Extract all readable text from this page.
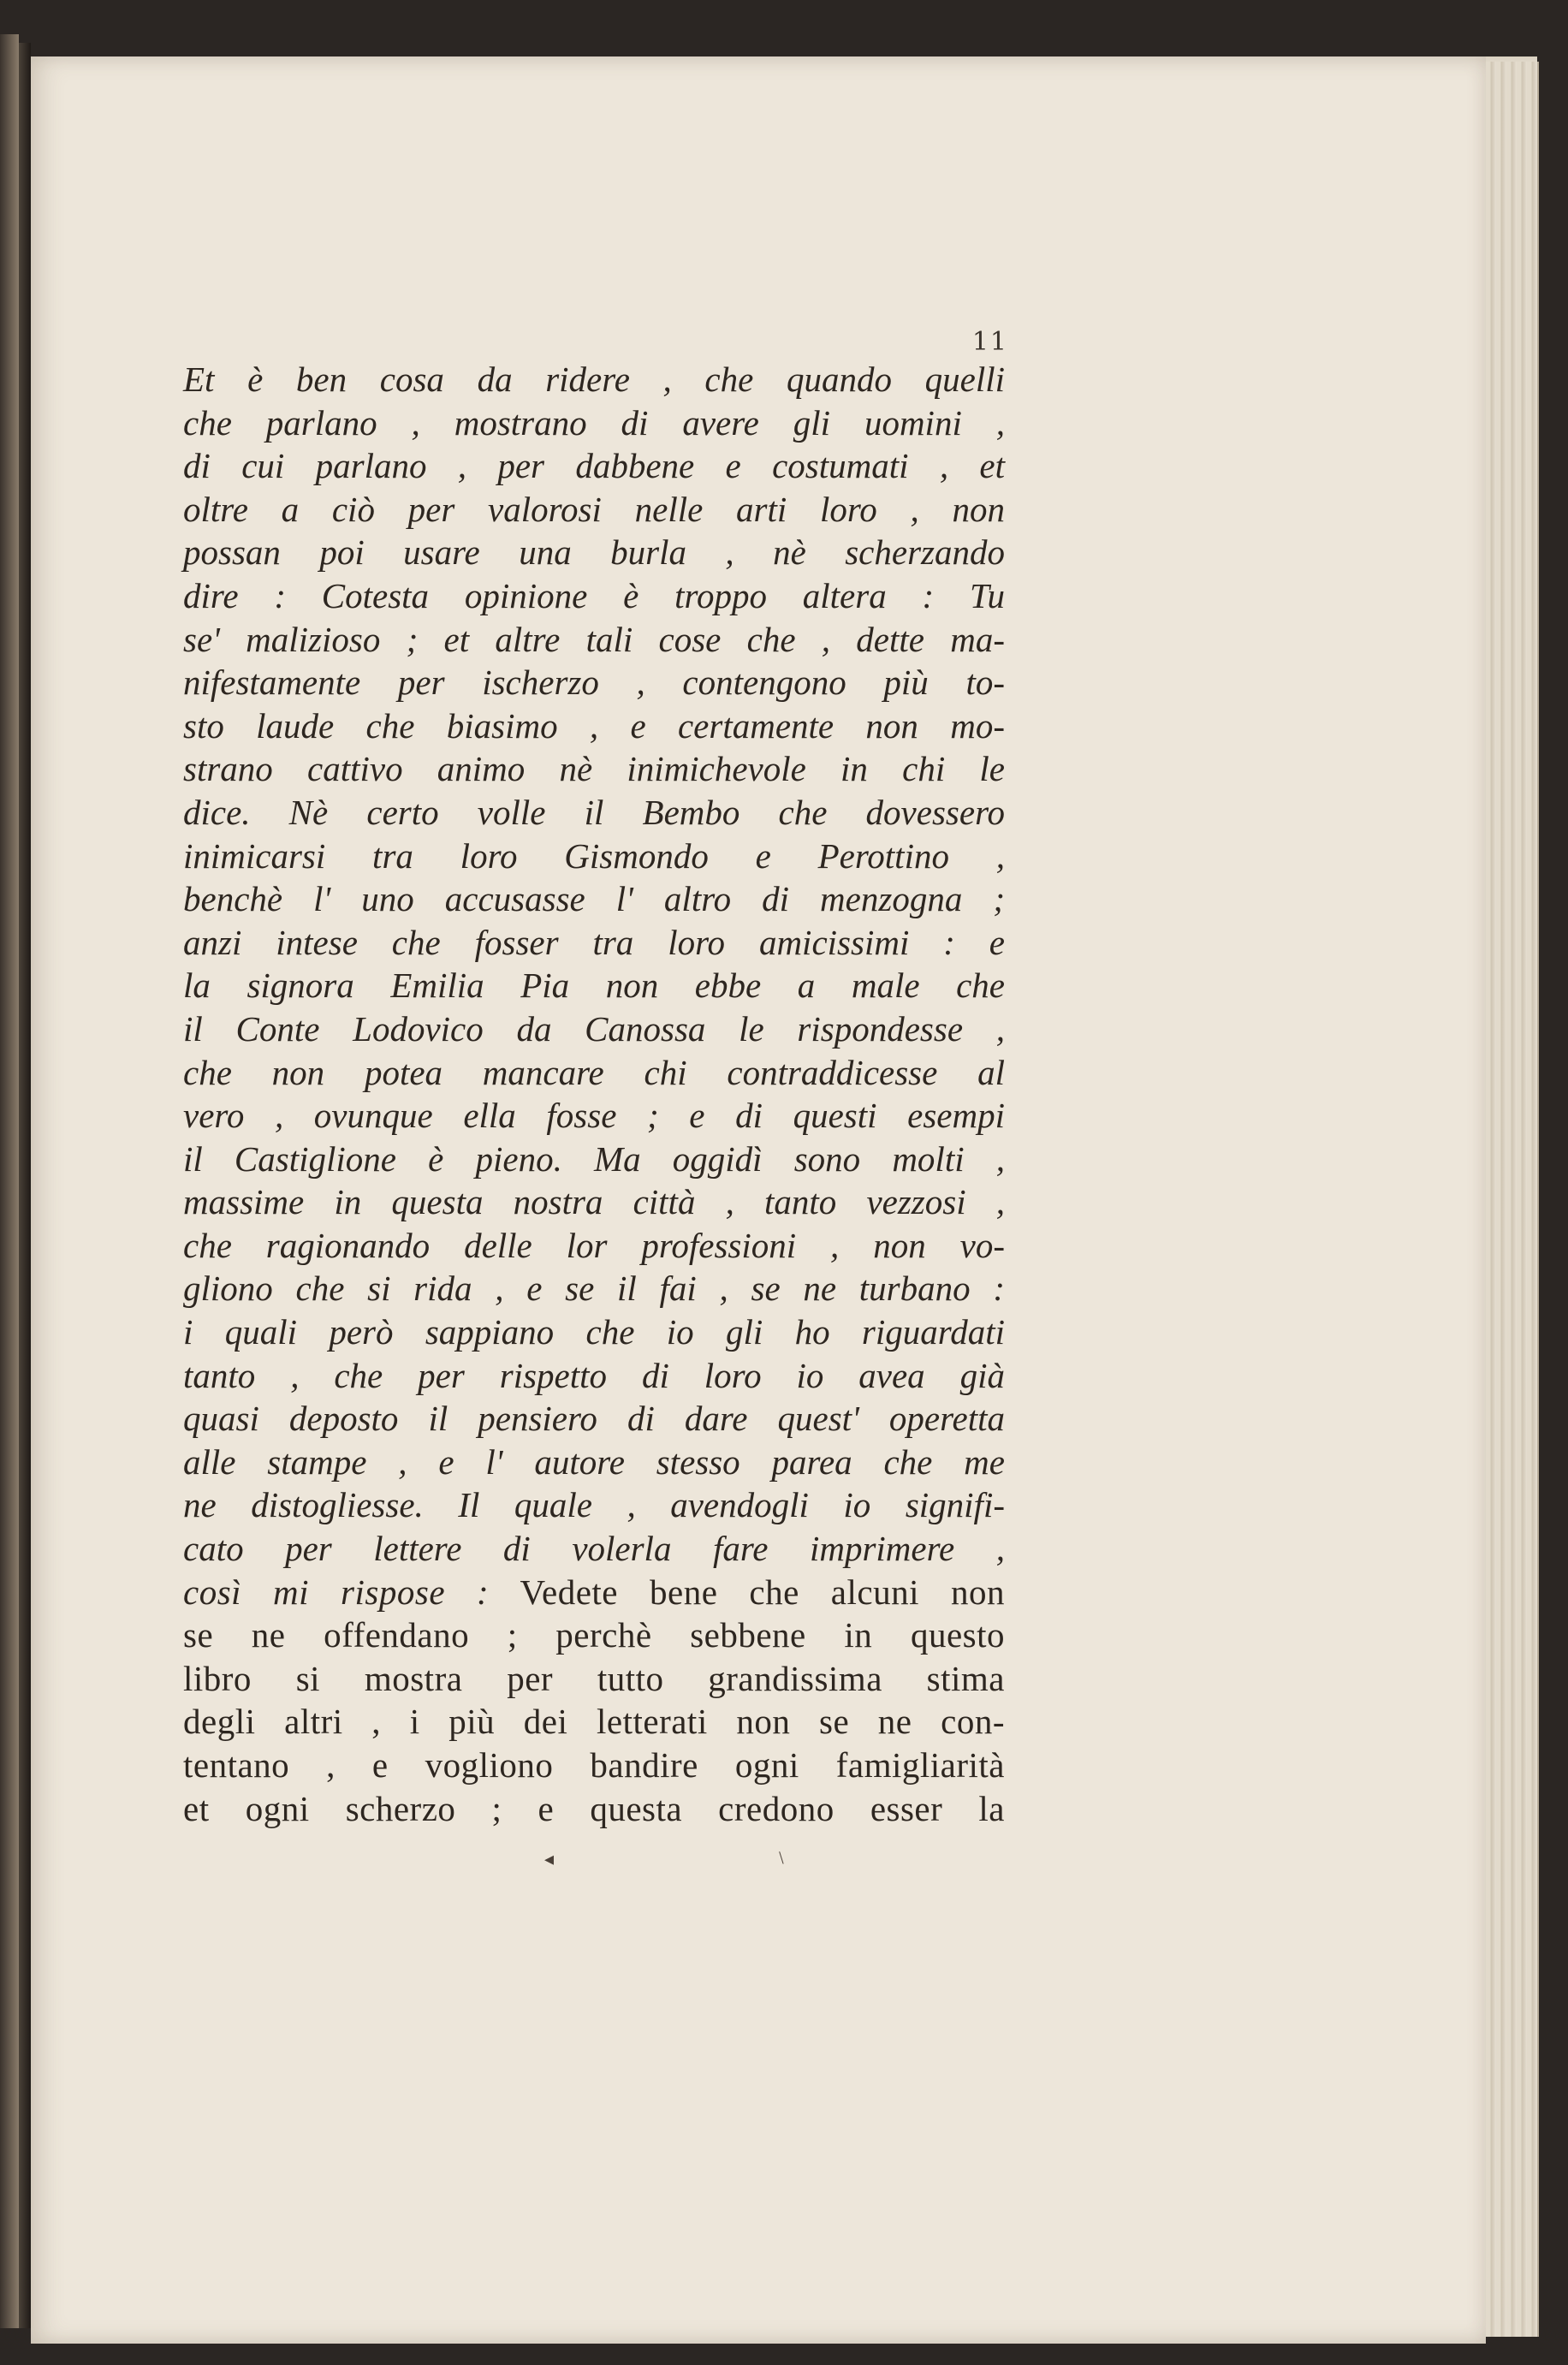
11
Et è ben cosa da ridere , che quando quelli
che parlano , mostrano di avere gli uomini ,
di cui parlano , per dabbene e costumati , et
oltre a ciò per valorosi nelle arti loro , non
possan poi usare una burla , nè scherzando
dire : Cotesta opinione è troppo altera : Tu
se' malizioso ; et altre tali cose che , dette ma-
nifestamente per ischerzo , contengono più to-
sto laude che biasimo , e certamente non mo-
strano cattivo animo nè inimichevole in chi le
dice. Nè certo volle il Bembo che dovessero
inimicarsi tra loro Gismondo e Perottino ,
benchè l' uno accusasse l' altro di menzogna ;
anzi intese che fosser tra loro amicissimi : e
la signora Emilia Pia non ebbe a male che
il Conte Lodovico da Canossa le rispondesse ,
che non potea mancare chi contraddicesse al
vero , ovunque ella fosse ; e di questi esempi
il Castiglione è pieno. Ma oggidì sono molti ,
massime in questa nostra città , tanto vezzosi ,
che ragionando delle lor professioni , non vo-
gliono che si rida , e se il fai , se ne turbano :
i quali però sappiano che io gli ho riguardati
tanto , che per rispetto di loro io avea già
quasi deposto il pensiero di dare quest' operetta
alle stampe , e l' autore stesso parea che me
ne distogliesse. Il quale , avendogli io signifi-
cato per lettere di volerla fare imprimere ,
così mi rispose : Vedete bene che alcuni non
se ne offendano ; perchè sebbene in questo
libro si mostra per tutto grandissima stima
degli altri , i più dei letterati non se ne con-
tentano , e vogliono bandire ogni famigliarità
et ogni scherzo ; e questa credono esser la
◂	﹨
